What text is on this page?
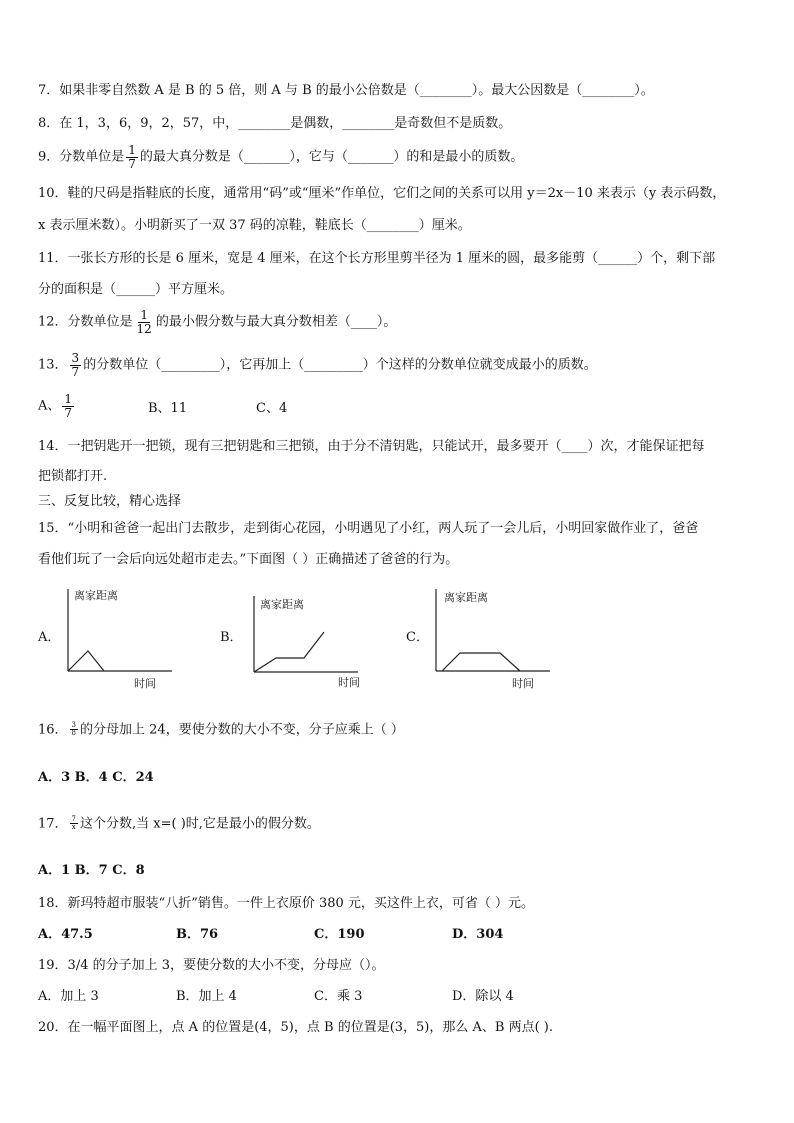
7．如果非零自然数 A 是 B 的 5 倍，则 A 与 B 的最小公倍数是（________）。最大公因数是（________）。
8．在 1，3，6，9，2，57，中，________是偶数，________是奇数但不是质数。
9．分数单位是 $\frac{1}{7}$ 的最大真分数是（_______），它与（_______）的和是最小的质数。
10．鞋的尺码是指鞋底的长度，通常用“码”或“厘米”作单位，它们之间的关系可以用 y＝2x－10 来表示（y 表示码数，
x 表示厘米数）。小明新买了一双 37 码的凉鞋，鞋底长（________）厘米。
11．一张长方形的长是 6 厘米，宽是 4 厘米，在这个长方形里剪半径为 1 厘米的圆，最多能剪（______）个，剩下部
分的面积是（______）平方厘米。
12．分数单位是 $\frac{1}{12}$ 的最小假分数与最大真分数相差（____）。
13． $\frac{3}{7}$ 的分数单位（_________），它再加上（_________）个这样的分数单位就变成最小的质数。
A、 $\frac{1}{7}$	B、11	C、4
14．一把钥匙开一把锁，现有三把钥匙和三把锁，由于分不清钥匙，只能试开，最多要开（____）次，才能保证把每
把锁都打开.
三、反复比较，精心选择
15．“小明和爸爸一起出门去散步，走到街心花园，小明遇见了小红，两人玩了一会儿后，小明回家做作业了，爸爸
看他们玩了一会后向远处超市走去。”下面图（ ）正确描述了爸爸的行为。
A．
离家距离
时间
B．
离家距离
时间
C．
离家距离
时间
16． $\frac{3}{8}$ 的分母加上 24，要使分数的大小不变，分子应乘上（ ）
A．3 B．4 C．24
17． $\frac{7}{x}$ 这个分数,当 x=( )时,它是最小的假分数。
A．1 B．7 C．8
18．新玛特超市服装“八折”销售。一件上衣原价 380 元，买这件上衣，可省（ ）元。
A．47.5	B．76	C．190	D．304
19．3/4 的分子加上 3，要使分数的大小不变，分母应（）。
A．加上 3	B．加上 4	C．乘 3	D．除以 4
20．在一幅平面图上，点 A 的位置是(4，5)，点 B 的位置是(3，5)，那么 A、B 两点( ).
